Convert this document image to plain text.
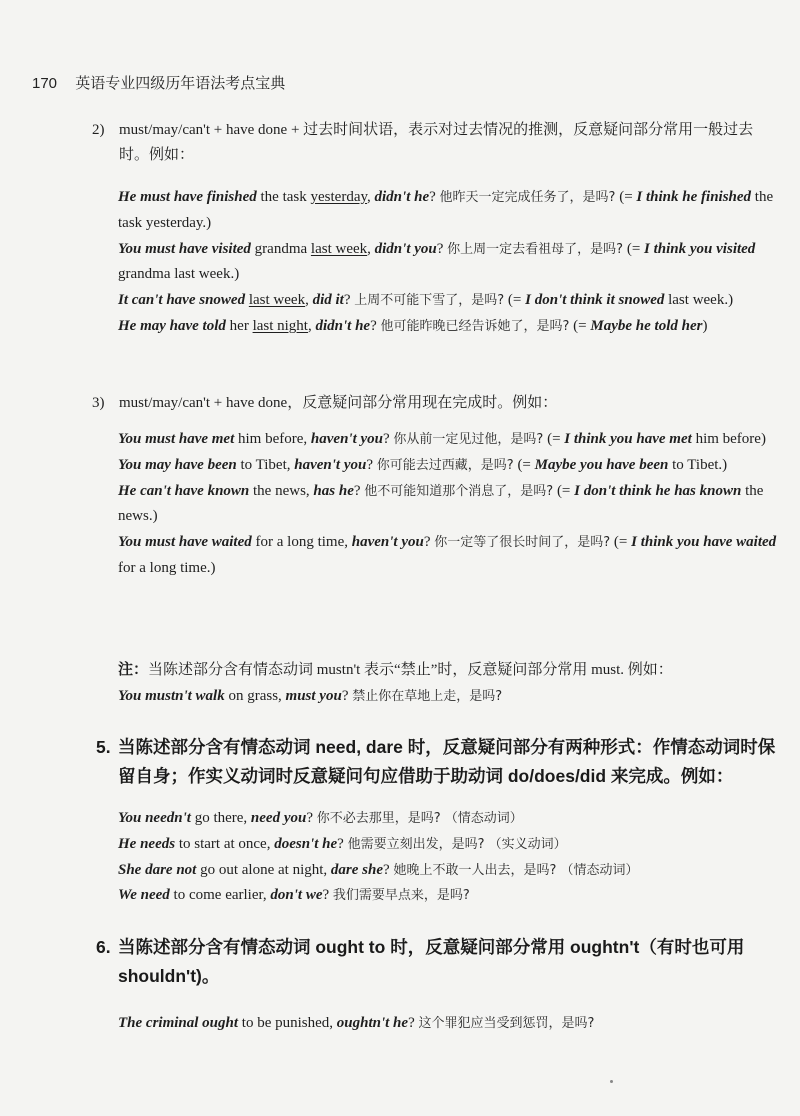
170 英语专业四级历年语法考点宝典
2) must/may/can't + have done + 过去时间状语，表示对过去情况的推测，反意疑问部分常用一般过去时。例如：

He must have finished the task yesterday, didn't he? 他昨天一定完成任务了，是吗? (= I think he finished the task yesterday.)

You must have visited grandma last week, didn't you? 你上周一定去看祖母了，是吗? (= I think you visited grandma last week.)

It can't have snowed last week, did it? 上周不可能下雪了，是吗? (= I don't think it snowed last week.)

He may have told her last night, didn't he? 他可能昨晚已经告诉她了，是吗? (= Maybe he told her)

3) must/may/can't + have done，反意疑问部分常用现在完成时。例如：

You must have met him before, haven't you? 你从前一定见过他，是吗? (= I think you have met him before)

You may have been to Tibet, haven't you? 你可能去过西藏，是吗? (= Maybe you have been to Tibet.)

He can't have known the news, has he? 他不可能知道那个消息了，是吗? (= I don't think he has known the news.)

You must have waited for a long time, haven't you? 你一定等了很长时间了，是吗? (= I think you have waited for a long time.)

注：当陈述部分含有情态动词 mustn't 表示“禁止”时，反意疑问部分常用 must. 例如：

You mustn't walk on grass, must you? 禁止你在草地上走，是吗?

5. 当陈述部分含有情态动词 need, dare 时，反意疑问部分有两种形式：作情态动词时保留自身；作实义动词时反意疑问句应借助于助动词 do/does/did 来完成。例如：

You needn't go there, need you? 你不必去那里，是吗? （情态动词）

He needs to start at once, doesn't he? 他需要立刻出发，是吗? （实义动词）

She dare not go out alone at night, dare she? 她晚上不敢一人出去，是吗? （情态动词）

We need to come earlier, don't we? 我们需要早点来，是吗?

6. 当陈述部分含有情态动词 ought to 时，反意疑问部分常用 oughtn't（有时也可用 shouldn't)。

The criminal ought to be punished, oughtn't he? 这个罪犯应当受到惩罚，是吗?
